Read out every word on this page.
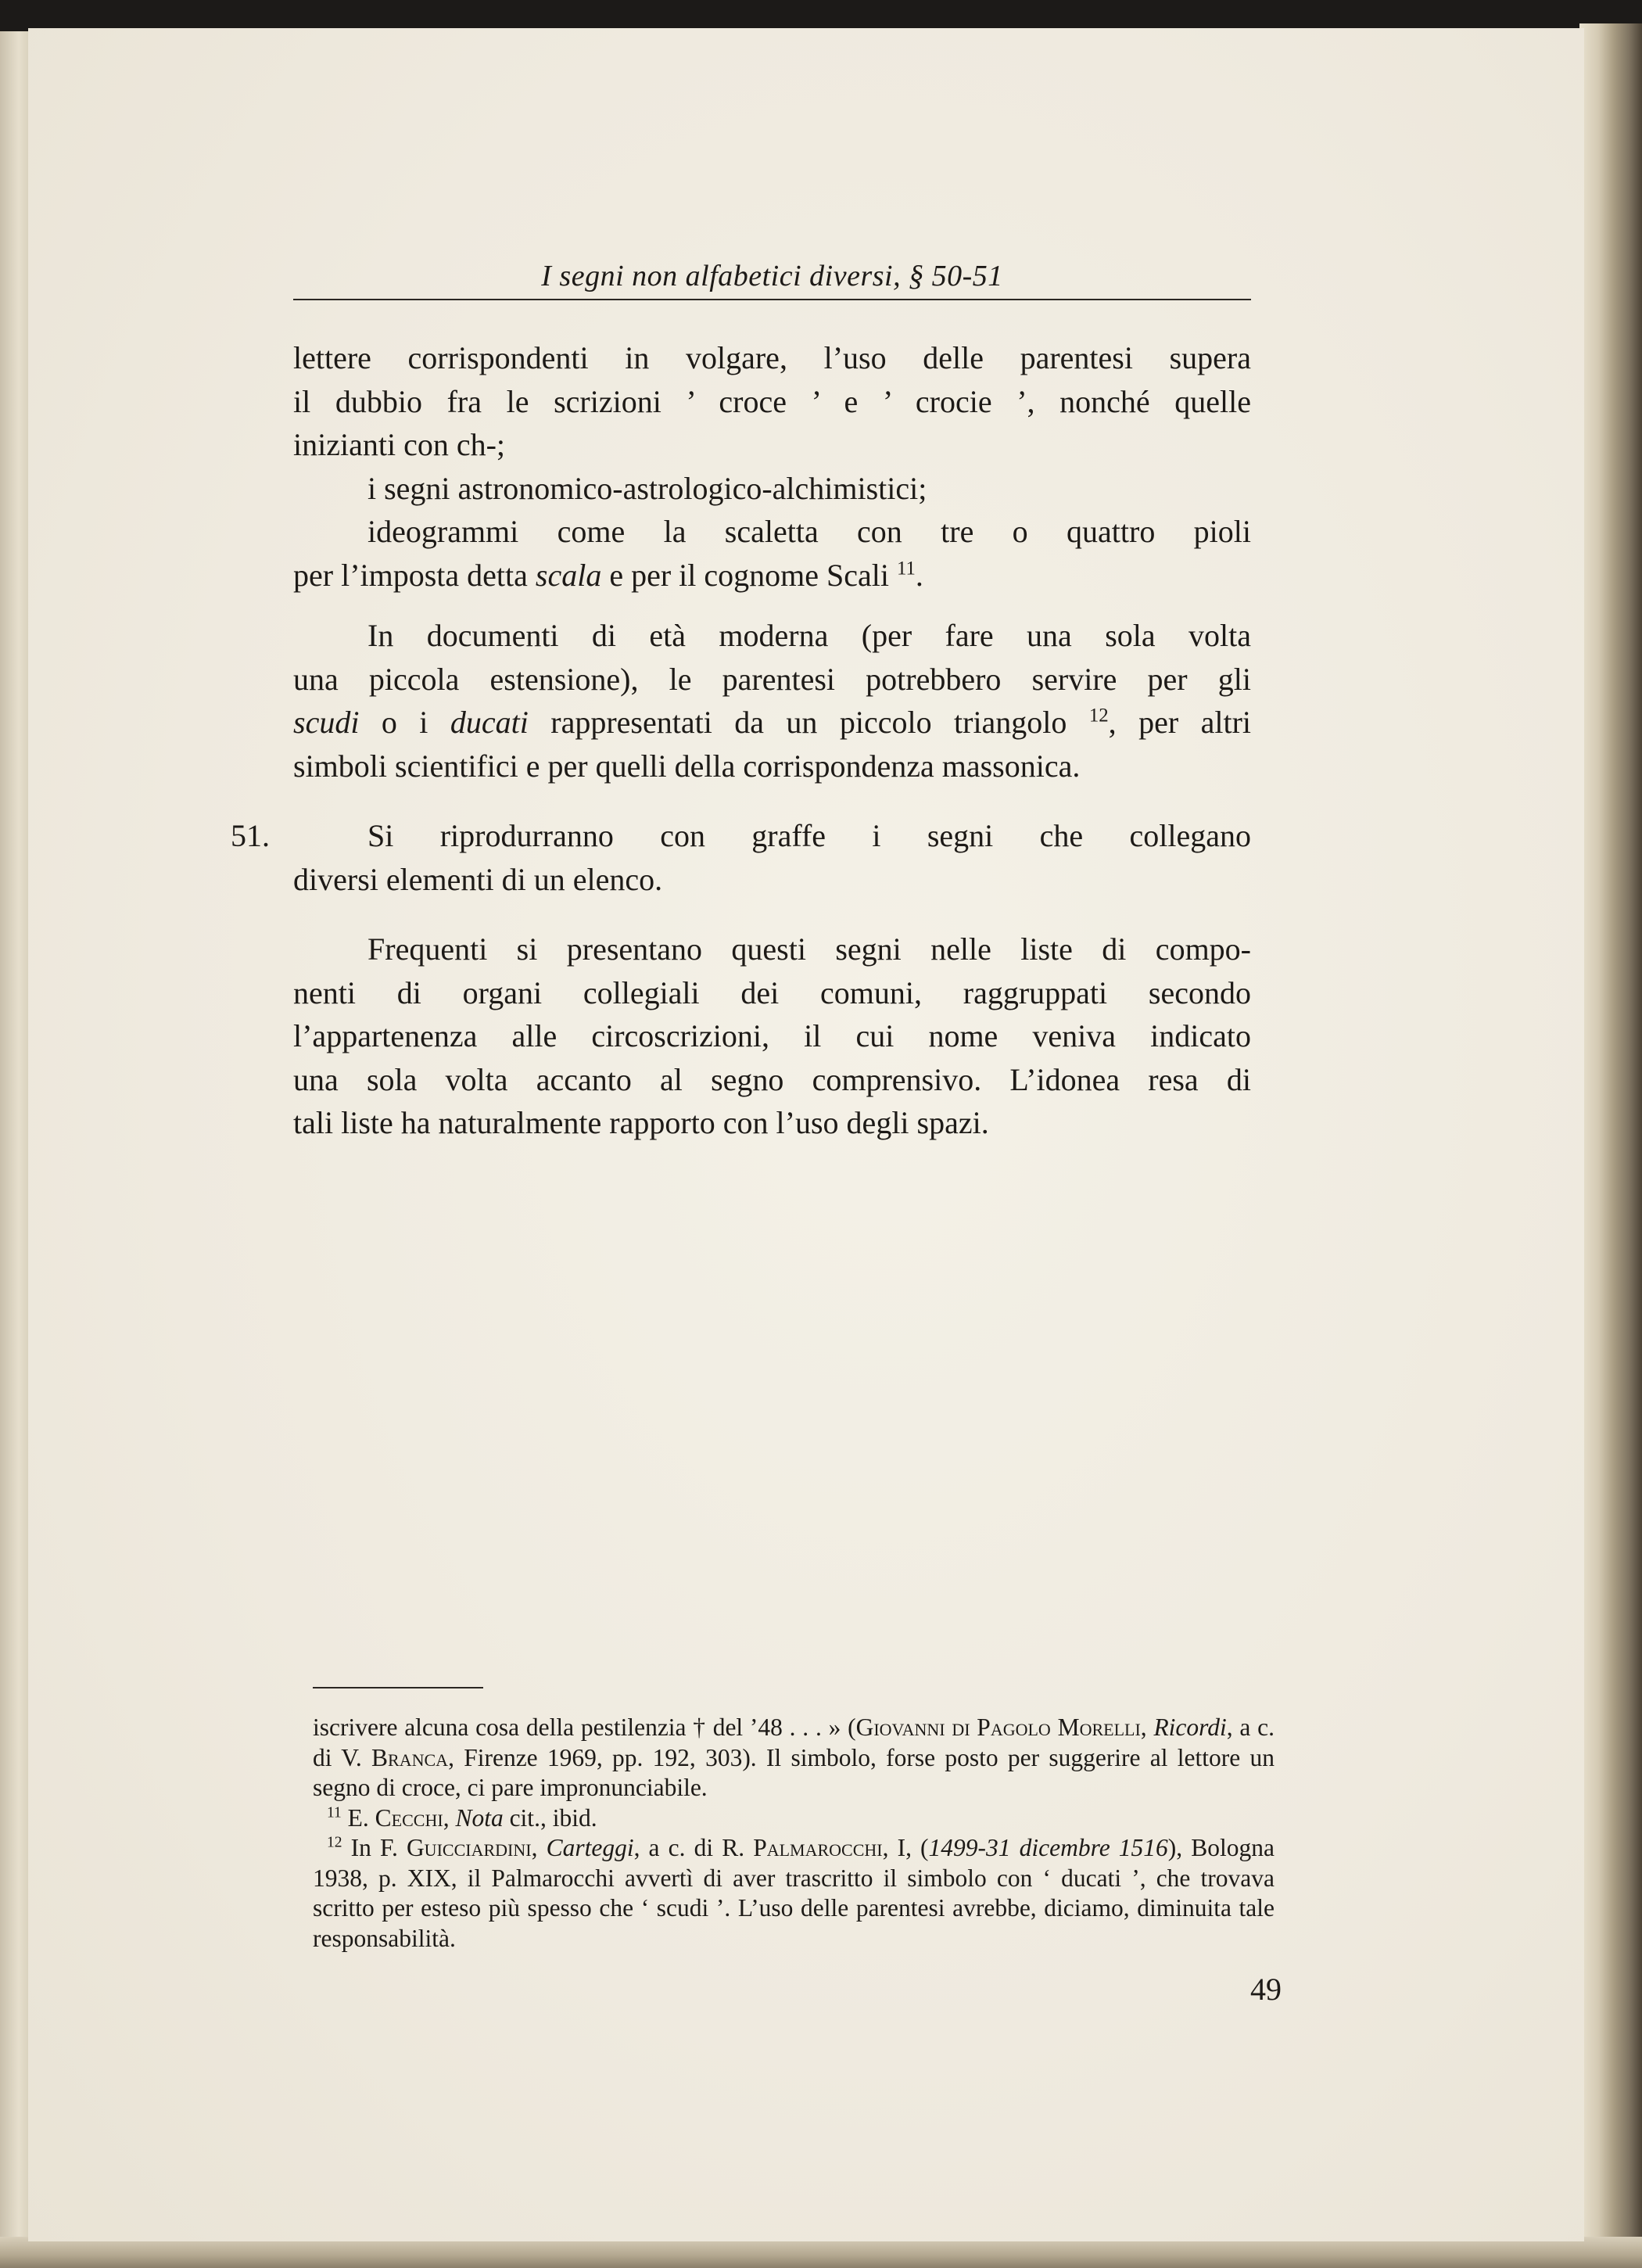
I segni non alfabetici diversi, § 50-51

lettere corrispondenti in volgare, l’uso delle parentesi supera
il dubbio fra le scrizioni ’ croce ’ e ’ crocie ’, nonché quelle
inizianti con ch-;

i segni astronomico-astrologico-alchimistici;

ideogrammi come la scaletta con tre o quattro pioli
per l’imposta detta scala e per il cognome Scali $^{11}$.

In documenti di età moderna (per fare una sola volta
una piccola estensione), le parentesi potrebbero servire per gli
scudi o i ducati rappresentati da un piccolo triangolo $^{12}$, per altri
simboli scientifici e per quelli della corrispondenza massonica.

51.	Si riprodurranno con graffe i segni che collegano
diversi elementi di un elenco.

Frequenti si presentano questi segni nelle liste di compo-
nenti di organi collegiali dei comuni, raggruppati secondo
l’appartenenza alle circoscrizioni, il cui nome veniva indicato
una sola volta accanto al segno comprensivo. L’idonea resa di
tali liste ha naturalmente rapporto con l’uso degli spazi.

iscrivere alcuna cosa della pestilenzia † del ’48 . . . » (Giovanni di Pagolo Morelli, Ricordi, a c. di V. Branca, Firenze 1969, pp. 192, 303). Il simbolo, forse posto per suggerire al lettore un segno di croce, ci pare impronunciabile.

$^{11}$ E. Cecchi, Nota cit., ibid.

$^{12}$ In F. Guicciardini, Carteggi, a c. di R. Palmarocchi, I, (1499-31 dicembre 1516), Bologna 1938, p. XIX, il Palmarocchi avvertì di aver trascritto il simbolo con ‘ ducati ’, che trovava scritto per esteso più spesso che ‘ scudi ’. L’uso delle parentesi avrebbe, diciamo, diminuita tale responsabilità.

49
